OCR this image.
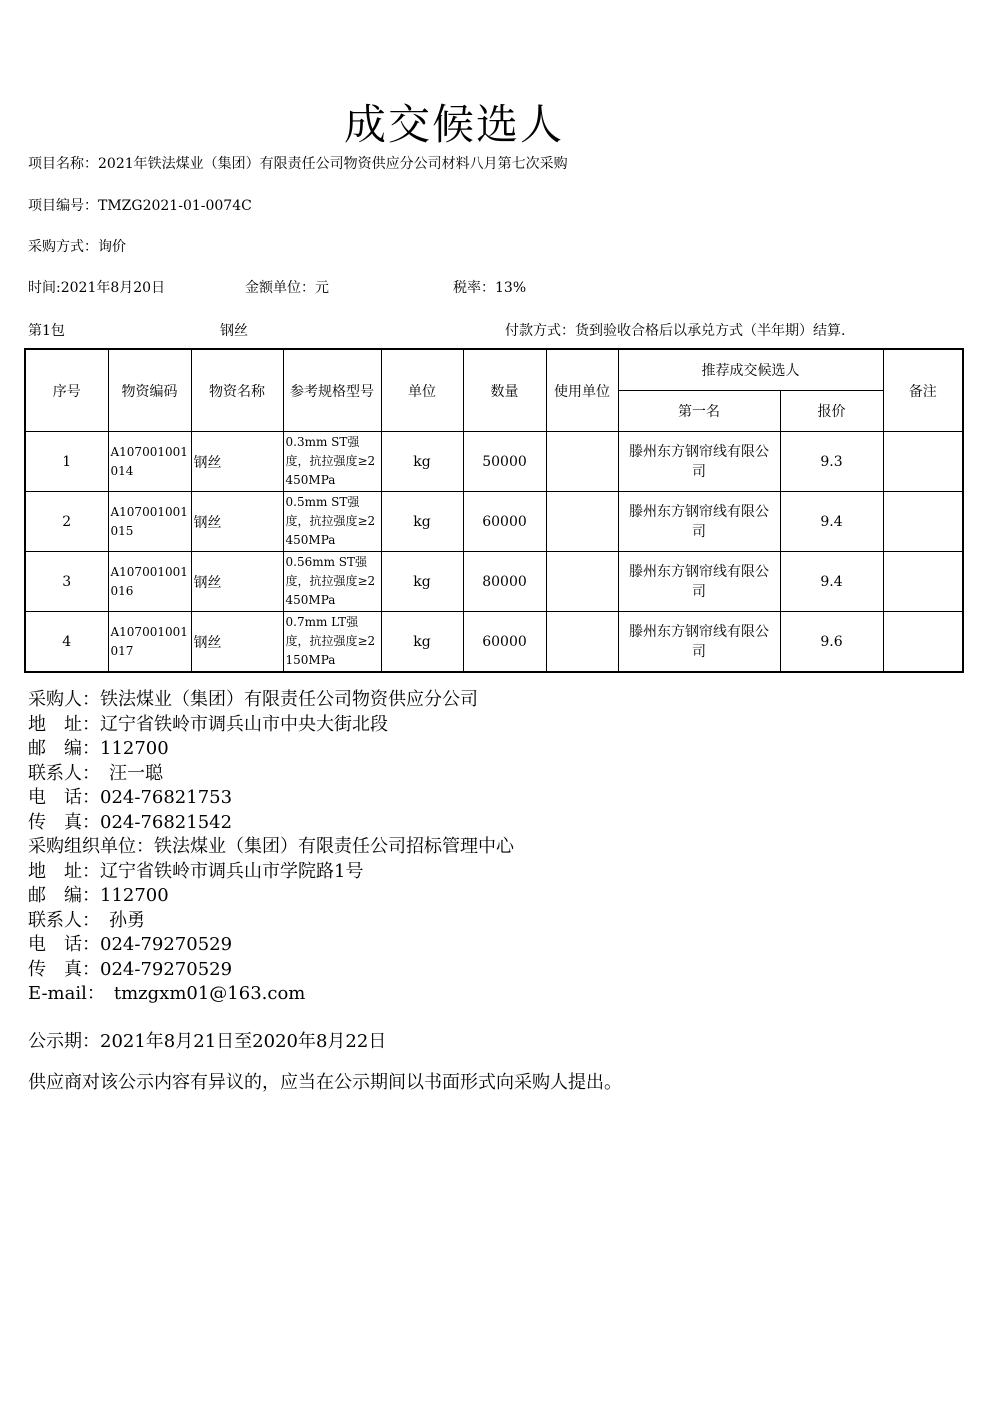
成交候选人
项目名称：2021年铁法煤业（集团）有限责任公司物资供应分公司材料八月第七次采购
项目编号：TMZG2021-01-0074C
采购方式：询价
时间:2021年8月20日	金额单位：元	税率：13%
第1包	钢丝	付款方式：货到验收合格后以承兑方式（半年期）结算.
序号	物资编码	物资名称	参考规格型号	单位	数量	使用单位	推荐成交候选人		备注
							第一名	报价	
1	A107001001014	钢丝	0.3mm ST强度，抗拉强度≥2450MPa	kg	50000		滕州东方钢帘线有限公司	9.3	
2	A107001001015	钢丝	0.5mm ST强度，抗拉强度≥2450MPa	kg	60000		滕州东方钢帘线有限公司	9.4	
3	A107001001016	钢丝	0.56mm ST强度，抗拉强度≥2450MPa	kg	80000		滕州东方钢帘线有限公司	9.4	
4	A107001001017	钢丝	0.7mm LT强度，抗拉强度≥2150MPa	kg	60000		滕州东方钢帘线有限公司	9.6	
采购人：铁法煤业（集团）有限责任公司物资供应分公司
地　址：辽宁省铁岭市调兵山市中央大街北段
邮　编：112700
联系人：　汪一聪
电　话：024-76821753
传　真：024-76821542
采购组织单位：铁法煤业（集团）有限责任公司招标管理中心
地　址：辽宁省铁岭市调兵山市学院路1号
邮　编：112700
联系人：　孙勇
电　话：024-79270529
传　真：024-79270529
E-mail：　tmzgxm01@163.com
公示期：2021年8月21日至2020年8月22日
供应商对该公示内容有异议的，应当在公示期间以书面形式向采购人提出。
